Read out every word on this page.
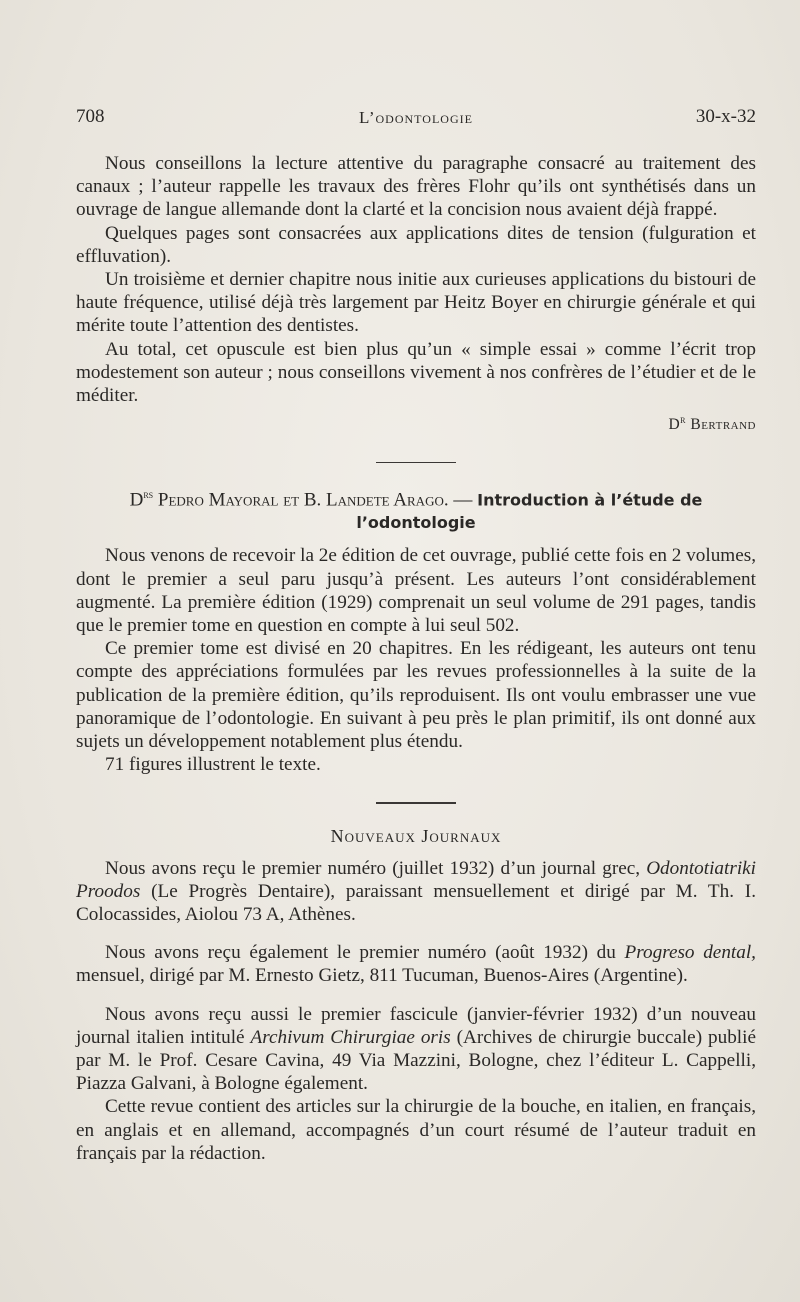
708	L’odontologie	30-x-32

Nous conseillons la lecture attentive du paragraphe consacré au traitement des canaux ; l’auteur rappelle les travaux des frères Flohr qu’ils ont synthétisés dans un ouvrage de langue allemande dont la clarté et la concision nous avaient déjà frappé.

Quelques pages sont consacrées aux applications dites de tension (fulguration et effluvation).

Un troisième et dernier chapitre nous initie aux curieuses applications du bistouri de haute fréquence, utilisé déjà très largement par Heitz Boyer en chirurgie générale et qui mérite toute l’attention des dentistes.

Au total, cet opuscule est bien plus qu’un « simple essai » comme l’écrit trop modestement son auteur ; nous conseillons vivement à nos confrères de l’étudier et de le méditer.

$D^r$ Bertrand
$D^{rs}$ Pedro Mayoral et B. Landete Arago. — Introduction à l’étude de l’odontologie

Nous venons de recevoir la 2e édition de cet ouvrage, publié cette fois en 2 volumes, dont le premier a seul paru jusqu’à présent. Les auteurs l’ont considérablement augmenté. La première édition (1929) comprenait un seul volume de 291 pages, tandis que le premier tome en question en compte à lui seul 502.

Ce premier tome est divisé en 20 chapitres. En les rédigeant, les auteurs ont tenu compte des appréciations formulées par les revues professionnelles à la suite de la publication de la première édition, qu’ils reproduisent. Ils ont voulu embrasser une vue panoramique de l’odontologie. En suivant à peu près le plan primitif, ils ont donné aux sujets un développement notablement plus étendu.

71 figures illustrent le texte.

Nouveaux Journaux

Nous avons reçu le premier numéro (juillet 1932) d’un journal grec, Odontotiatriki Proodos (Le Progrès Dentaire), paraissant mensuellement et dirigé par M. Th. I. Colocassides, Aiolou 73 A, Athènes.

Nous avons reçu également le premier numéro (août 1932) du Progreso dental, mensuel, dirigé par M. Ernesto Gietz, 811 Tucuman, Buenos-Aires (Argentine).

Nous avons reçu aussi le premier fascicule (janvier-février 1932) d’un nouveau journal italien intitulé Archivum Chirurgiae oris (Archives de chirurgie buccale) publié par M. le Prof. Cesare Cavina, 49 Via Mazzini, Bologne, chez l’éditeur L. Cappelli, Piazza Galvani, à Bologne également.

Cette revue contient des articles sur la chirurgie de la bouche, en italien, en français, en anglais et en allemand, accompagnés d’un court résumé de l’auteur traduit en français par la rédaction.
